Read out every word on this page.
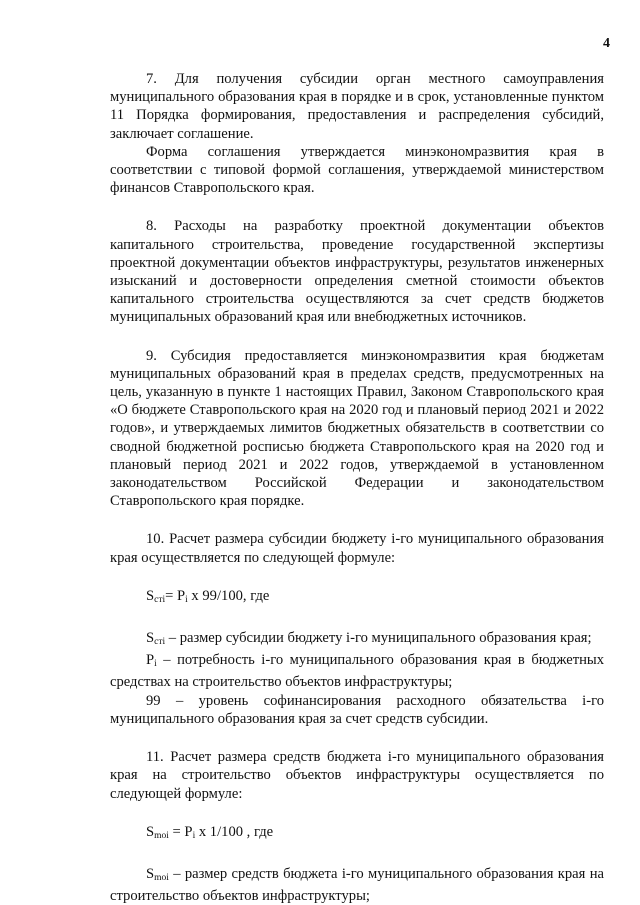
4

7. Для получения субсидии орган местного самоуправления муниципального образования края в порядке и в срок, установленные пунктом 11 Порядка формирования, предоставления и распределения субсидий, заключает соглашение.

Форма соглашения утверждается минэкономразвития края в соответствии с типовой формой соглашения, утверждаемой министерством финансов Ставропольского края.

8. Расходы на разработку проектной документации объектов капитального строительства, проведение государственной экспертизы проектной документации объектов инфраструктуры, результатов инженерных изысканий и достоверности определения сметной стоимости объектов капитального строительства осуществляются за счет средств бюджетов муниципальных образований края или внебюджетных источников.

9. Субсидия предоставляется минэкономразвития края бюджетам муниципальных образований края в пределах средств, предусмотренных на цель, указанную в пункте 1 настоящих Правил, Законом Ставропольского края «О бюджете Ставропольского края на 2020 год и плановый период 2021 и 2022 годов», и утверждаемых лимитов бюджетных обязательств в соответствии со сводной бюджетной росписью бюджета Ставропольского края на 2020 год и плановый период 2021 и 2022 годов, утверждаемой в установленном законодательством Российской Федерации и законодательством Ставропольского края порядке.

10. Расчет размера субсидии бюджету i-го муниципального образования края осуществляется по следующей формуле:

$S_{cтi}= P_i$ x 99/100, где

$S_{cтi}$ – размер субсидии бюджету i-го муниципального образования края;

$P_i$ – потребность i-го муниципального образования края в бюджетных средствах на строительство объектов инфраструктуры;

99 – уровень софинансирования расходного обязательства i-го муниципального образования края за счет средств субсидии.

11. Расчет размера средств бюджета i-го муниципального образования края на строительство объектов инфраструктуры осуществляется по следующей формуле:

$S_{moi} = P_i$ x 1/100 , где

$S_{moi}$ – размер средств бюджета i-го муниципального образования края на строительство объектов инфраструктуры;
